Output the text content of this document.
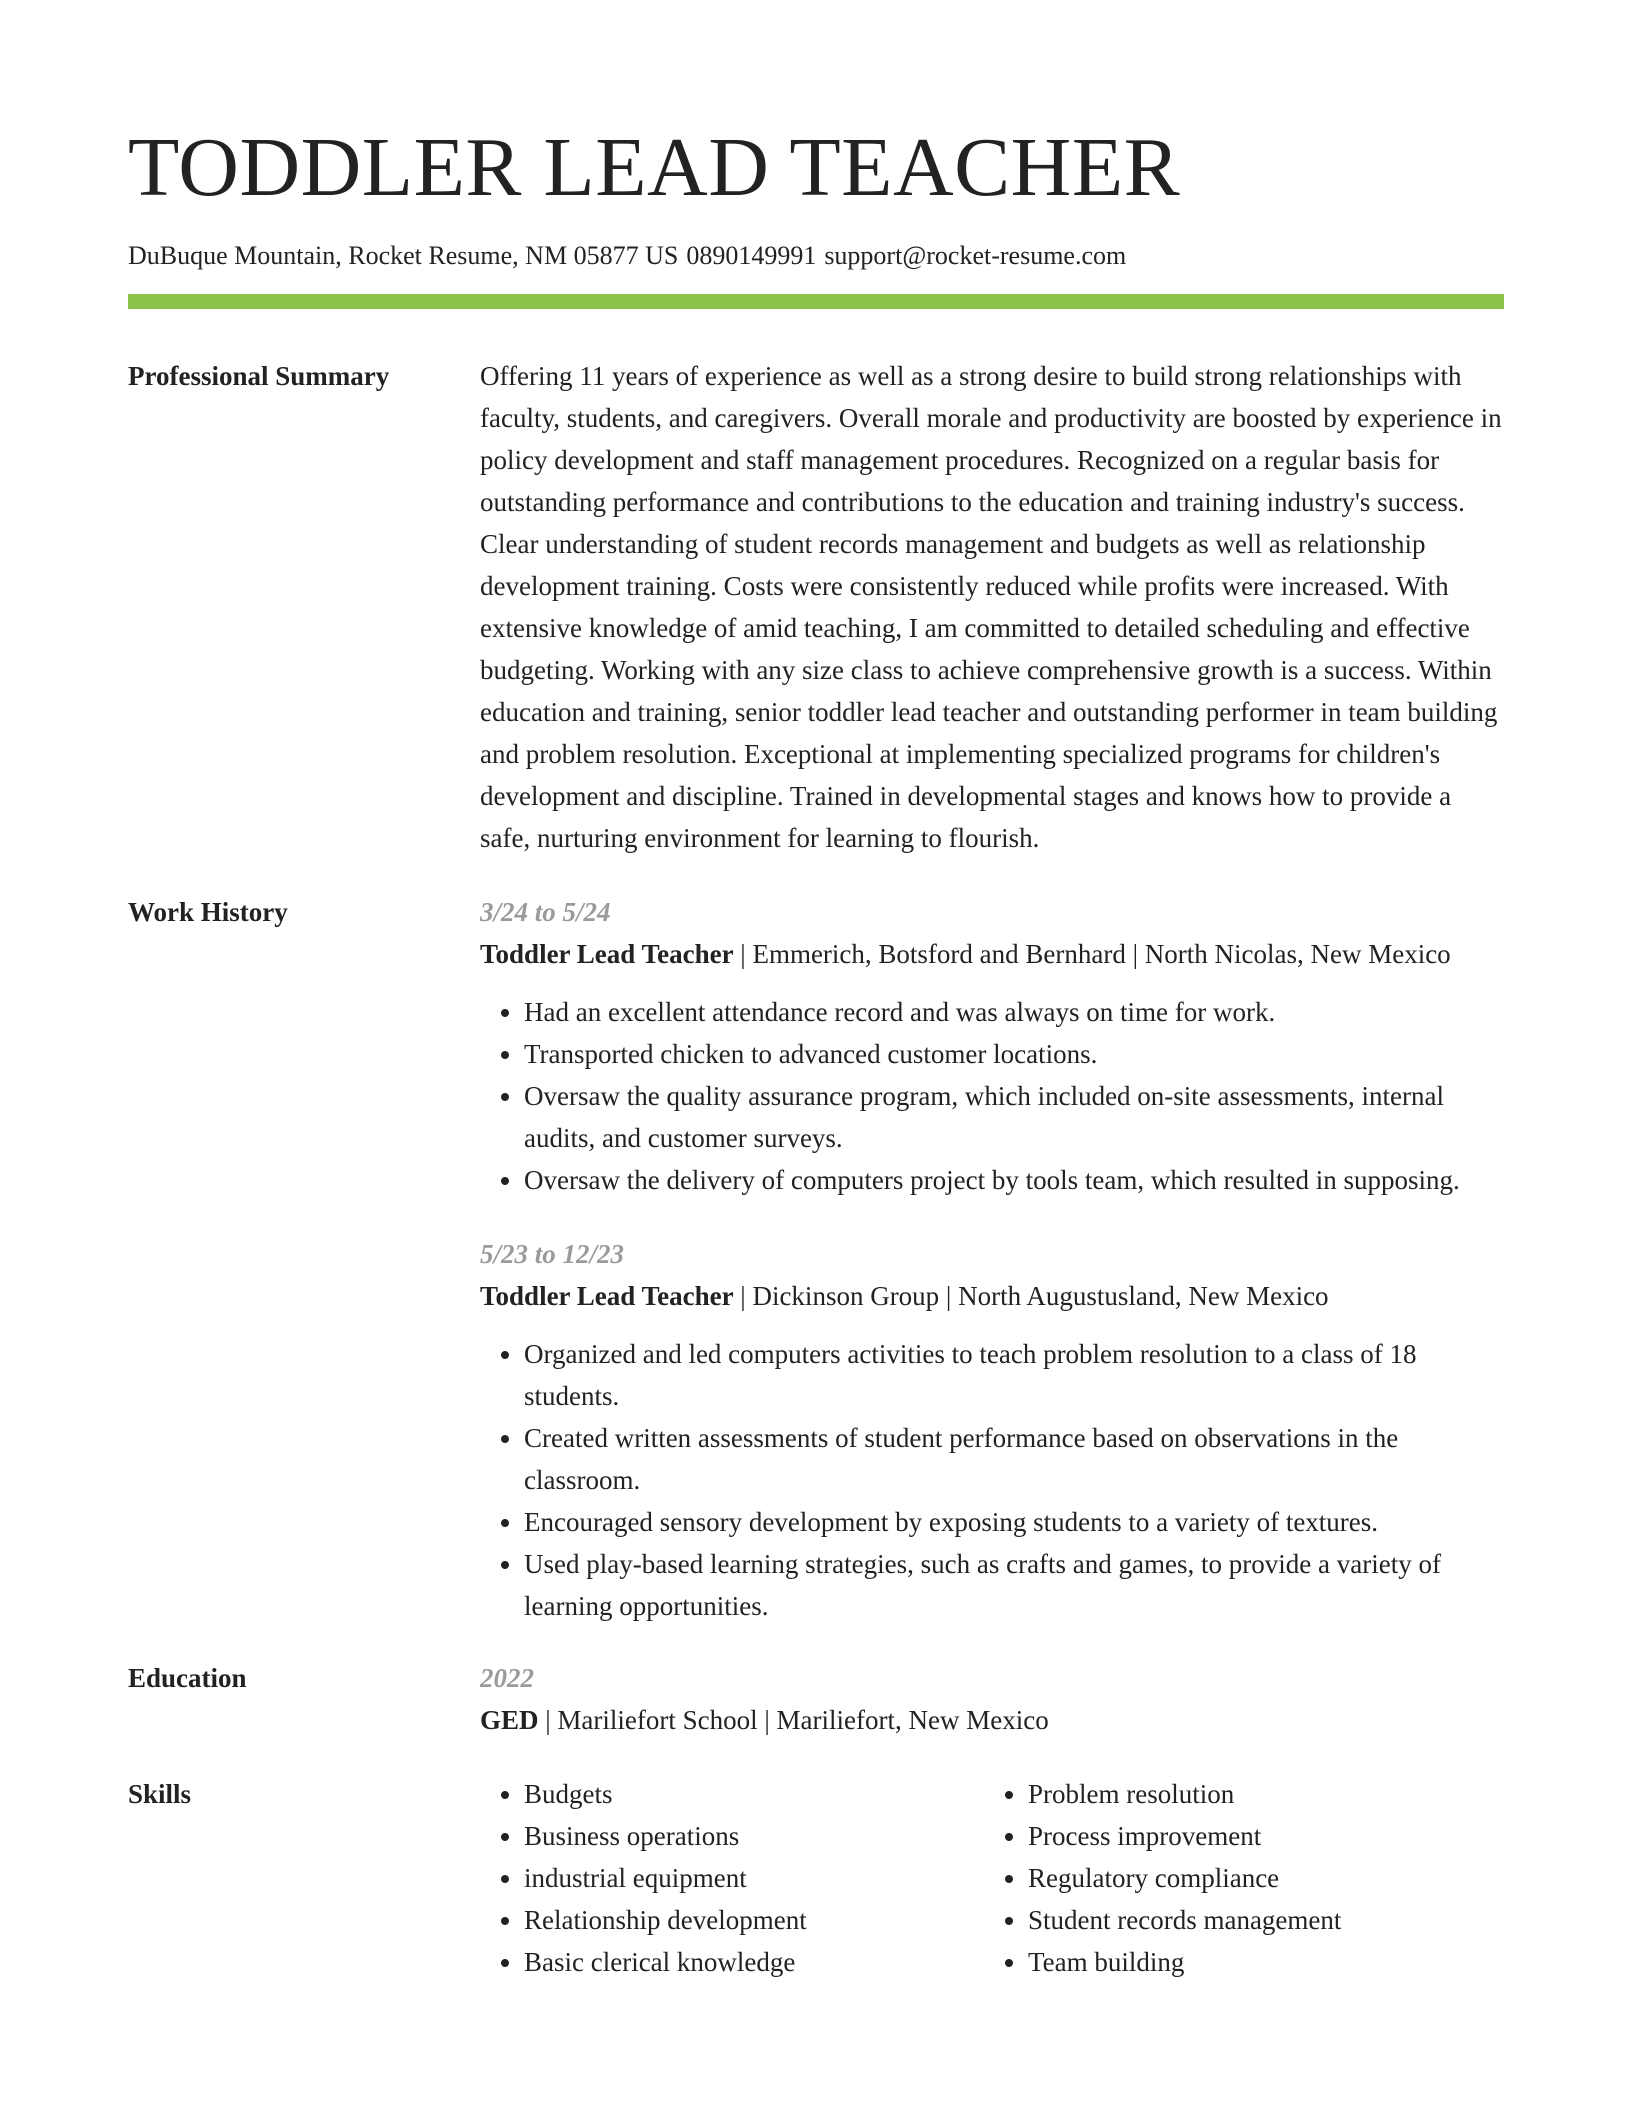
TODDLER LEAD TEACHER
DuBuque Mountain, Rocket Resume, NM 05877 US 0890149991 support@rocket-resume.com
Professional Summary	Offering 11 years of experience as well as a strong desire to build strong relationships with faculty, students, and caregivers. Overall morale and productivity are boosted by experience in policy development and staff management procedures. Recognized on a regular basis for outstanding performance and contributions to the education and training industry's success. Clear understanding of student records management and budgets as well as relationship development training. Costs were consistently reduced while profits were increased. With extensive knowledge of amid teaching, I am committed to detailed scheduling and effective budgeting. Working with any size class to achieve comprehensive growth is a success. Within education and training, senior toddler lead teacher and outstanding performer in team building and problem resolution. Exceptional at implementing specialized programs for children's development and discipline. Trained in developmental stages and knows how to provide a safe, nurturing environment for learning to flourish.

Work History	3/24 to 5/24

Toddler Lead Teacher | Emmerich, Botsford and Bernhard | North Nicolas, New Mexico

• Had an excellent attendance record and was always on time for work.
• Transported chicken to advanced customer locations.
• Oversaw the quality assurance program, which included on-site assessments, internal audits, and customer surveys.
• Oversaw the delivery of computers project by tools team, which resulted in supposing.
5/23 to 12/23

Toddler Lead Teacher | Dickinson Group | North Augustusland, New Mexico

• Organized and led computers activities to teach problem resolution to a class of 18 students.
• Created written assessments of student performance based on observations in the classroom.
• Encouraged sensory development by exposing students to a variety of textures.
• Used play-based learning strategies, such as crafts and games, to provide a variety of learning opportunities.
Education	2022

GED | Mariliefort School | Mariliefort, New Mexico

Skills
•	Budgets
• Business operations
• industrial equipment
• Relationship development
• Basic clerical knowledge
• Problem resolution
• Process improvement
• Regulatory compliance
• Student records management
• Team building
